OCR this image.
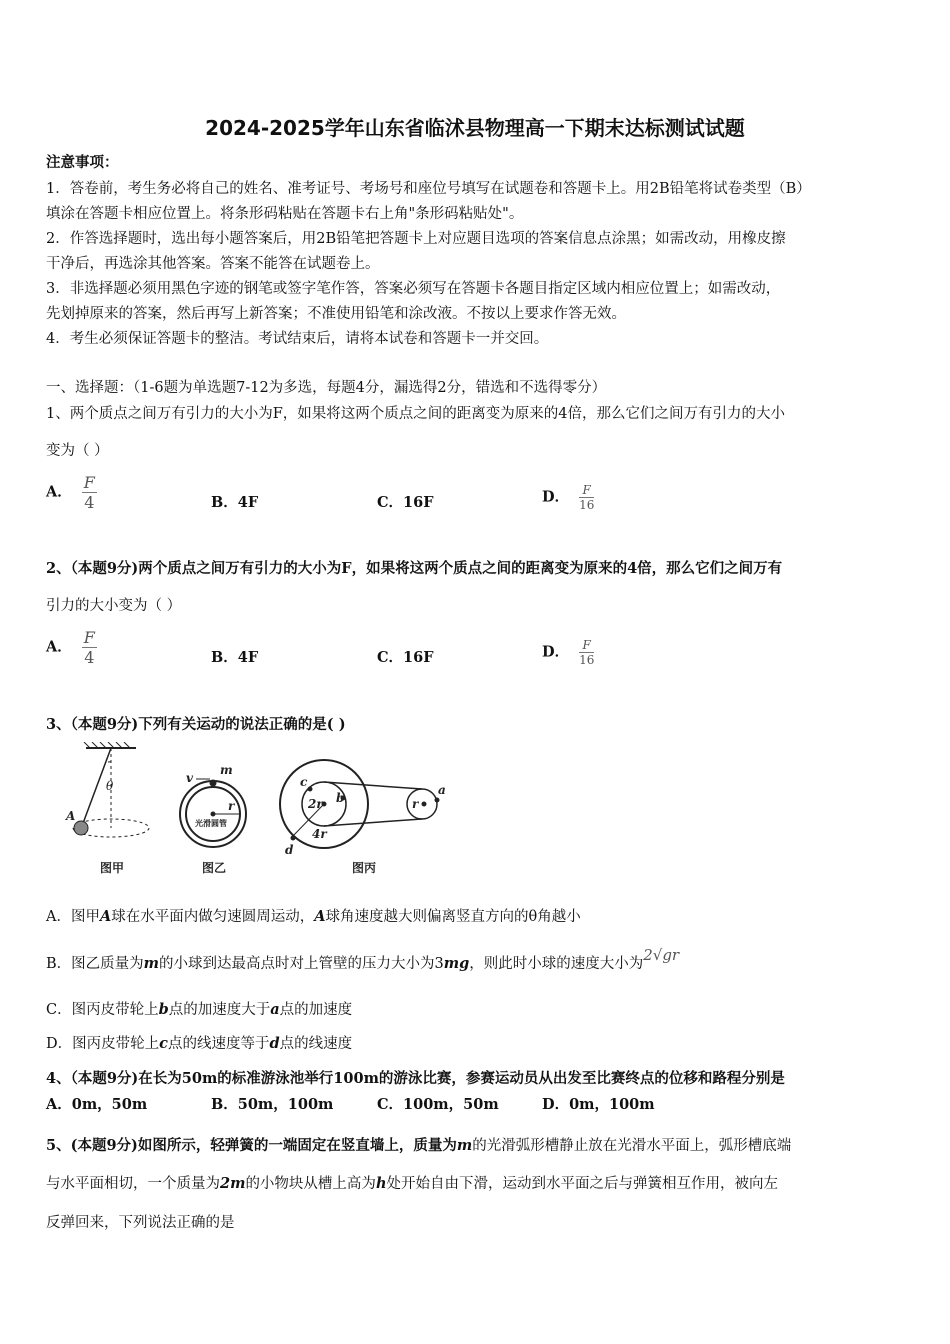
2024-2025学年山东省临沭县物理高一下期末达标测试试题
注意事项：
1．答卷前，考生务必将自己的姓名、准考证号、考场号和座位号填写在试题卷和答题卡上。用2B铅笔将试卷类型（B）
填涂在答题卡相应位置上。将条形码粘贴在答题卡右上角"条形码粘贴处"。
2．作答选择题时，选出每小题答案后，用2B铅笔把答题卡上对应题目选项的答案信息点涂黑；如需改动，用橡皮擦
干净后，再选涂其他答案。答案不能答在试题卷上。
3．非选择题必须用黑色字迹的钢笔或签字笔作答，答案必须写在答题卡各题目指定区域内相应位置上；如需改动，
先划掉原来的答案，然后再写上新答案；不准使用铅笔和涂改液。不按以上要求作答无效。
4．考生必须保证答题卡的整洁。考试结束后，请将本试卷和答题卡一并交回。
一、选择题：（1-6题为单选题7-12为多选，每题4分，漏选得2分，错选和不选得零分）
1、两个质点之间万有引力的大小为F，如果将这两个质点之间的距离变为原来的4倍，那么它们之间万有引力的大小
变为（ ）
A． $\frac{F}{4}$	B．4F	C．16F	D． $\frac{F}{16}$
2、（本题9分)两个质点之间万有引力的大小为F，如果将这两个质点之间的距离变为原来的4倍，那么它们之间万有
引力的大小变为（ ）
A． $\frac{F}{4}$	B．4F	C．16F	D． $\frac{F}{16}$
3、（本题9分)下列有关运动的说法正确的是( )
θ
A
图甲
v
m
r
光滑圆管
图乙
c
b
a
d
2r
4r
r
图丙
A．图甲A球在水平面内做匀速圆周运动，A球角速度越大则偏离竖直方向的θ角越小
B．图乙质量为m的小球到达最高点时对上管壁的压力大小为3mg，则此时小球的速度大小为2√gr
C．图丙皮带轮上b点的加速度大于a点的加速度
D．图丙皮带轮上c点的线速度等于d点的线速度
4、（本题9分)在长为50m的标准游泳池举行100m的游泳比赛，参赛运动员从出发至比赛终点的位移和路程分别是
A．0m，50m	B．50m，100m	C．100m，50m	D．0m，100m
5、(本题9分)如图所示，轻弹簧的一端固定在竖直墙上，质量为m的光滑弧形槽静止放在光滑水平面上，弧形槽底端
与水平面相切，一个质量为2m的小物块从槽上高为h处开始自由下滑，运动到水平面之后与弹簧相互作用，被向左
反弹回来，下列说法正确的是
